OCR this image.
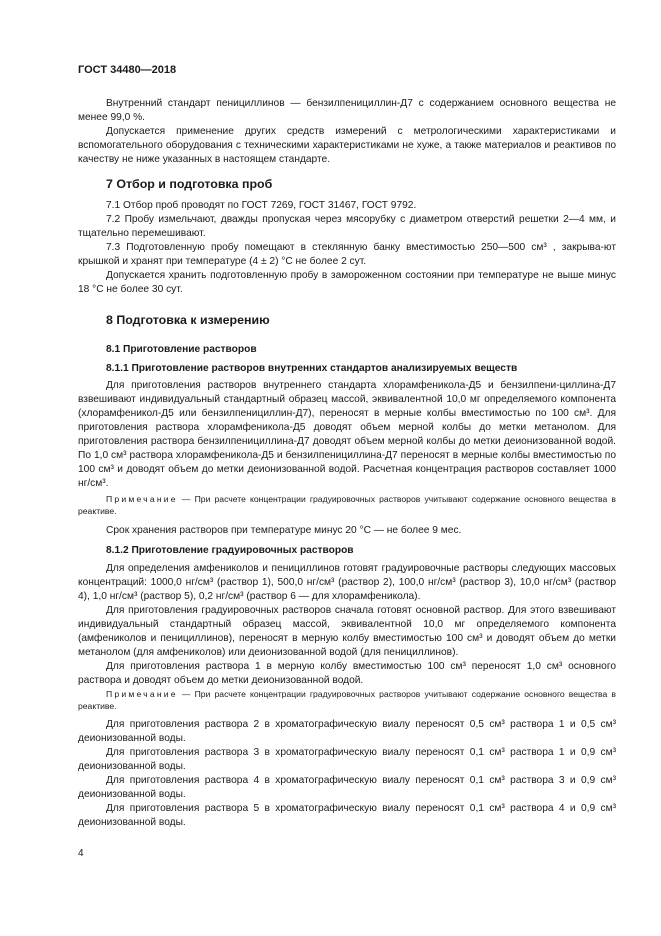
ГОСТ 34480—2018

Внутренний стандарт пенициллинов — бензилпенициллин-Д7 с содержанием основного вещества не менее 99,0 %.

Допускается применение других средств измерений с метрологическими характеристиками и вспомогательного оборудования с техническими характеристиками не хуже, а также материалов и реактивов по качеству не ниже указанных в настоящем стандарте.

7 Отбор и подготовка проб

7.1 Отбор проб проводят по ГОСТ 7269, ГОСТ 31467, ГОСТ 9792.

7.2 Пробу измельчают, дважды пропуская через мясорубку с диаметром отверстий решетки 2—4 мм, и тщательно перемешивают.

7.3 Подготовленную пробу помещают в стеклянную банку вместимостью 250—500 см³ , закрыва-ют крышкой и хранят при температуре (4 ± 2) °C не более 2 сут.

Допускается хранить подготовленную пробу в замороженном состоянии при температуре не выше минус 18 °C не более 30 сут.

8 Подготовка к измерению

8.1 Приготовление растворов

8.1.1 Приготовление растворов внутренних стандартов анализируемых веществ

Для приготовления растворов внутреннего стандарта хлорамфеникола-Д5 и бензилпени-циллина-Д7 взвешивают индивидуальный стандартный образец массой, эквивалентной 10,0 мг определяемого компонента (хлорамфеникол-Д5 или бензилпенициллин-Д7), переносят в мерные колбы вместимостью по 100 см³. Для приготовления раствора хлорамфеникола-Д5 доводят объем мерной колбы до метки метанолом. Для приготовления раствора бензилпенициллина-Д7 доводят объем мерной колбы до метки деионизованной водой. По 1,0 см³ раствора хлорамфеникола-Д5 и бензилпенициллина-Д7 переносят в мерные колбы вместимостью по 100 см³ и доводят объем до метки деионизованной водой. Расчетная концентрация растворов составляет 1000 нг/см³.

Примечание — При расчете концентрации градуировочных растворов учитывают содержание основного вещества в реактиве.

Срок хранения растворов при температуре минус 20 °C — не более 9 мес.

8.1.2 Приготовление градуировочных растворов

Для определения амфениколов и пенициллинов готовят градуировочные растворы следующих массовых концентраций: 1000,0 нг/см³ (раствор 1), 500,0 нг/см³ (раствор 2), 100,0 нг/см³ (раствор 3), 10,0 нг/см³ (раствор 4), 1,0 нг/см³ (раствор 5), 0,2 нг/см³ (раствор 6 — для хлорамфеникола).

Для приготовления градуировочных растворов сначала готовят основной раствор. Для этого взвешивают индивидуальный стандартный образец массой, эквивалентной 10,0 мг определяемого компонента (амфениколов и пенициллинов), переносят в мерную колбу вместимостью 100 см³ и доводят объем до метки метанолом (для амфениколов) или деионизованной водой (для пенициллинов).

Для приготовления раствора 1 в мерную колбу вместимостью 100 см³ переносят 1,0 см³ основного раствора и доводят объем до метки деионизованной водой.

Примечание — При расчете концентрации градуировочных растворов учитывают содержание основного вещества в реактиве.

Для приготовления раствора 2 в хроматографическую виалу переносят 0,5 см³ раствора 1 и 0,5 см³ деионизованной воды.

Для приготовления раствора 3 в хроматографическую виалу переносят 0,1 см³ раствора 1 и 0,9 см³ деионизованной воды.

Для приготовления раствора 4 в хроматографическую виалу переносят 0,1 см³ раствора 3 и 0,9 см³ деионизованной воды.

Для приготовления раствора 5 в хроматографическую виалу переносят 0,1 см³ раствора 4 и 0,9 см³ деионизованной воды.

4
